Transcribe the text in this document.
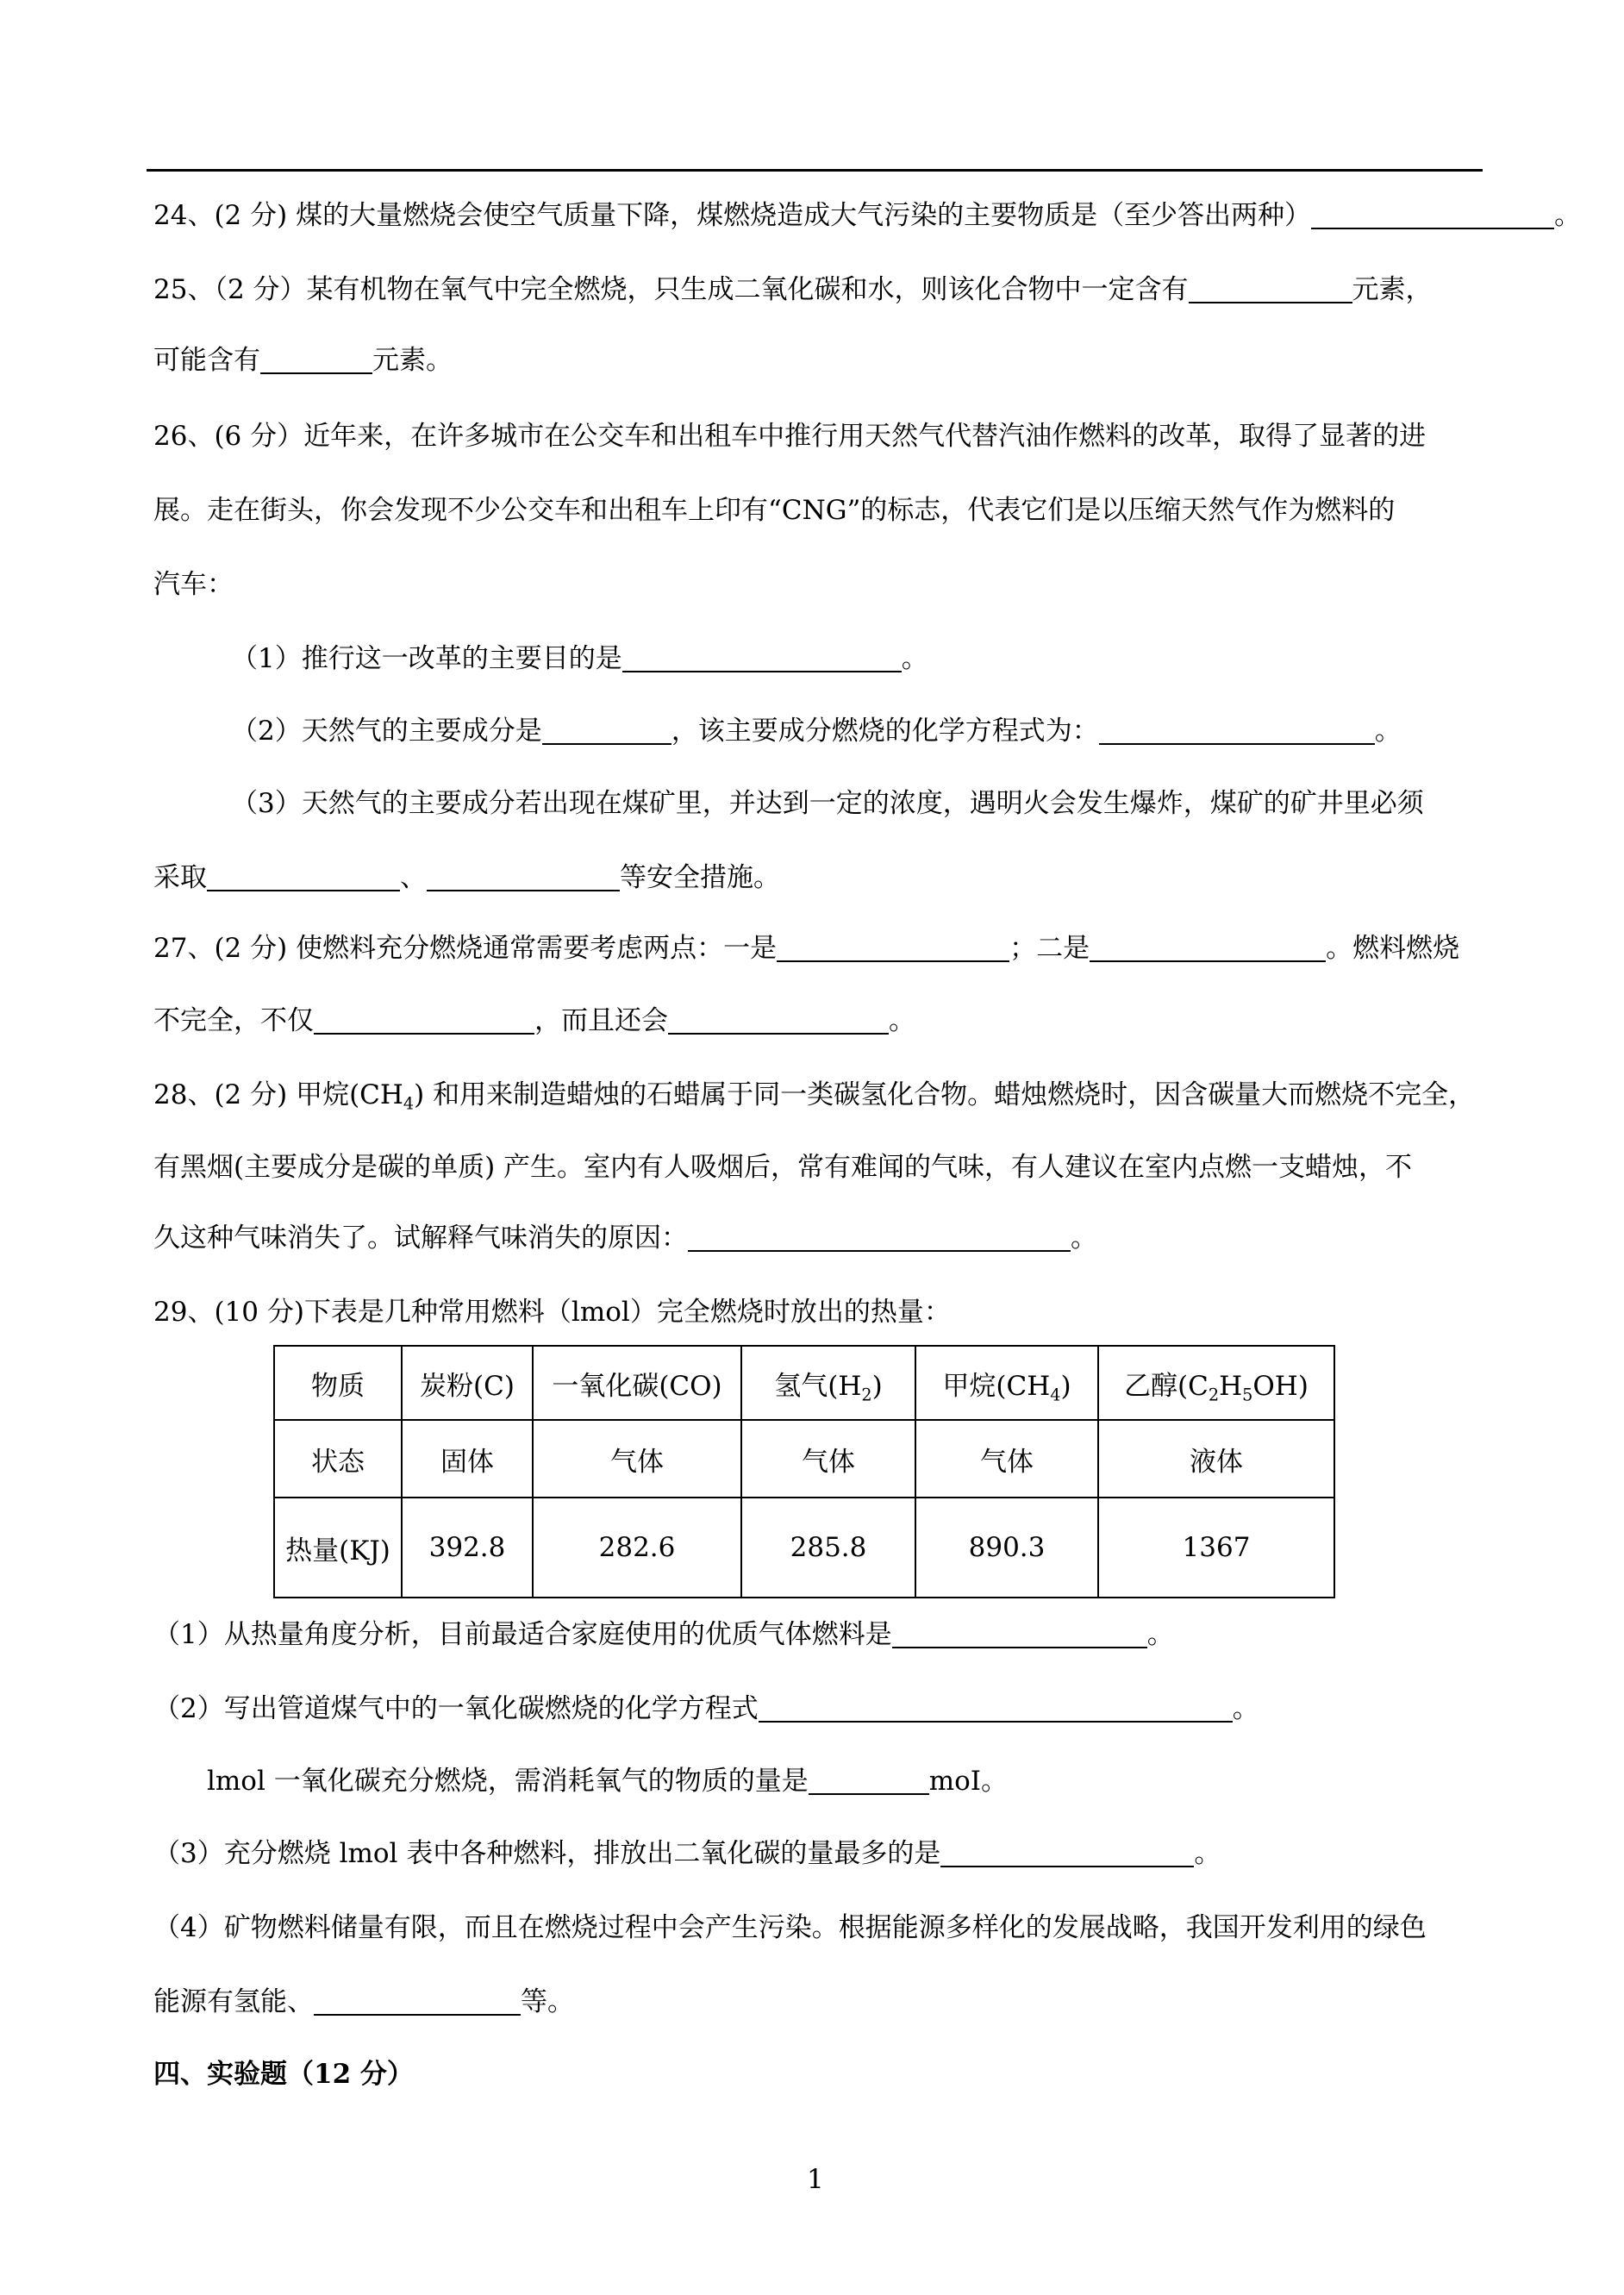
24、(2 分) 煤的大量燃烧会使空气质量下降，煤燃烧造成大气污染的主要物质是（至少答出两种）	。
25、（2 分）某有机物在氧气中完全燃烧，只生成二氧化碳和水，则该化合物中一定含有	元素，
可能含有	元素。
26、(6 分）近年来，在许多城市在公交车和出租车中推行用天然气代替汽油作燃料的改革，取得了显著的进
展。走在街头，你会发现不少公交车和出租车上印有“CNG”的标志，代表它们是以压缩天然气作为燃料的
汽车：
（1）推行这一改革的主要目的是	。
（2）天然气的主要成分是	，该主要成分燃烧的化学方程式为：	。
（3）天然气的主要成分若出现在煤矿里，并达到一定的浓度，遇明火会发生爆炸，煤矿的矿井里必须
采取	、	等安全措施。
27、(2 分) 使燃料充分燃烧通常需要考虑两点：一是	；二是	。燃料燃烧
不完全，不仅	，而且还会	。
28、(2 分) 甲烷$(CH_4)$ 和用来制造蜡烛的石蜡属于同一类碳氢化合物。蜡烛燃烧时，因含碳量大而燃烧不完全，
有黑烟(主要成分是碳的单质) 产生。室内有人吸烟后，常有难闻的气味，有人建议在室内点燃一支蜡烛，不
久这种气味消失了。试解释气味消失的原因：	。
29、(10 分)下表是几种常用燃料（lmol）完全燃烧时放出的热量：
物质	炭粉(C)	一氧化碳(CO)	氢气$(H_2)$	甲烷$(CH_4)$	乙醇$(C_2H_5OH)$
状态	固体	气体	气体	气体	液体
热量(KJ)	392.8	282.6	285.8	890.3	1367
（1）从热量角度分析，目前最适合家庭使用的优质气体燃料是	。
（2）写出管道煤气中的一氧化碳燃烧的化学方程式	。
lmol 一氧化碳充分燃烧，需消耗氧气的物质的量是	moI。
（3）充分燃烧 lmol 表中各种燃料，排放出二氧化碳的量最多的是	。
（4）矿物燃料储量有限，而且在燃烧过程中会产生污染。根据能源多样化的发展战略，我国开发利用的绿色
能源有氢能、	等。
四、实验题（12 分）
1
